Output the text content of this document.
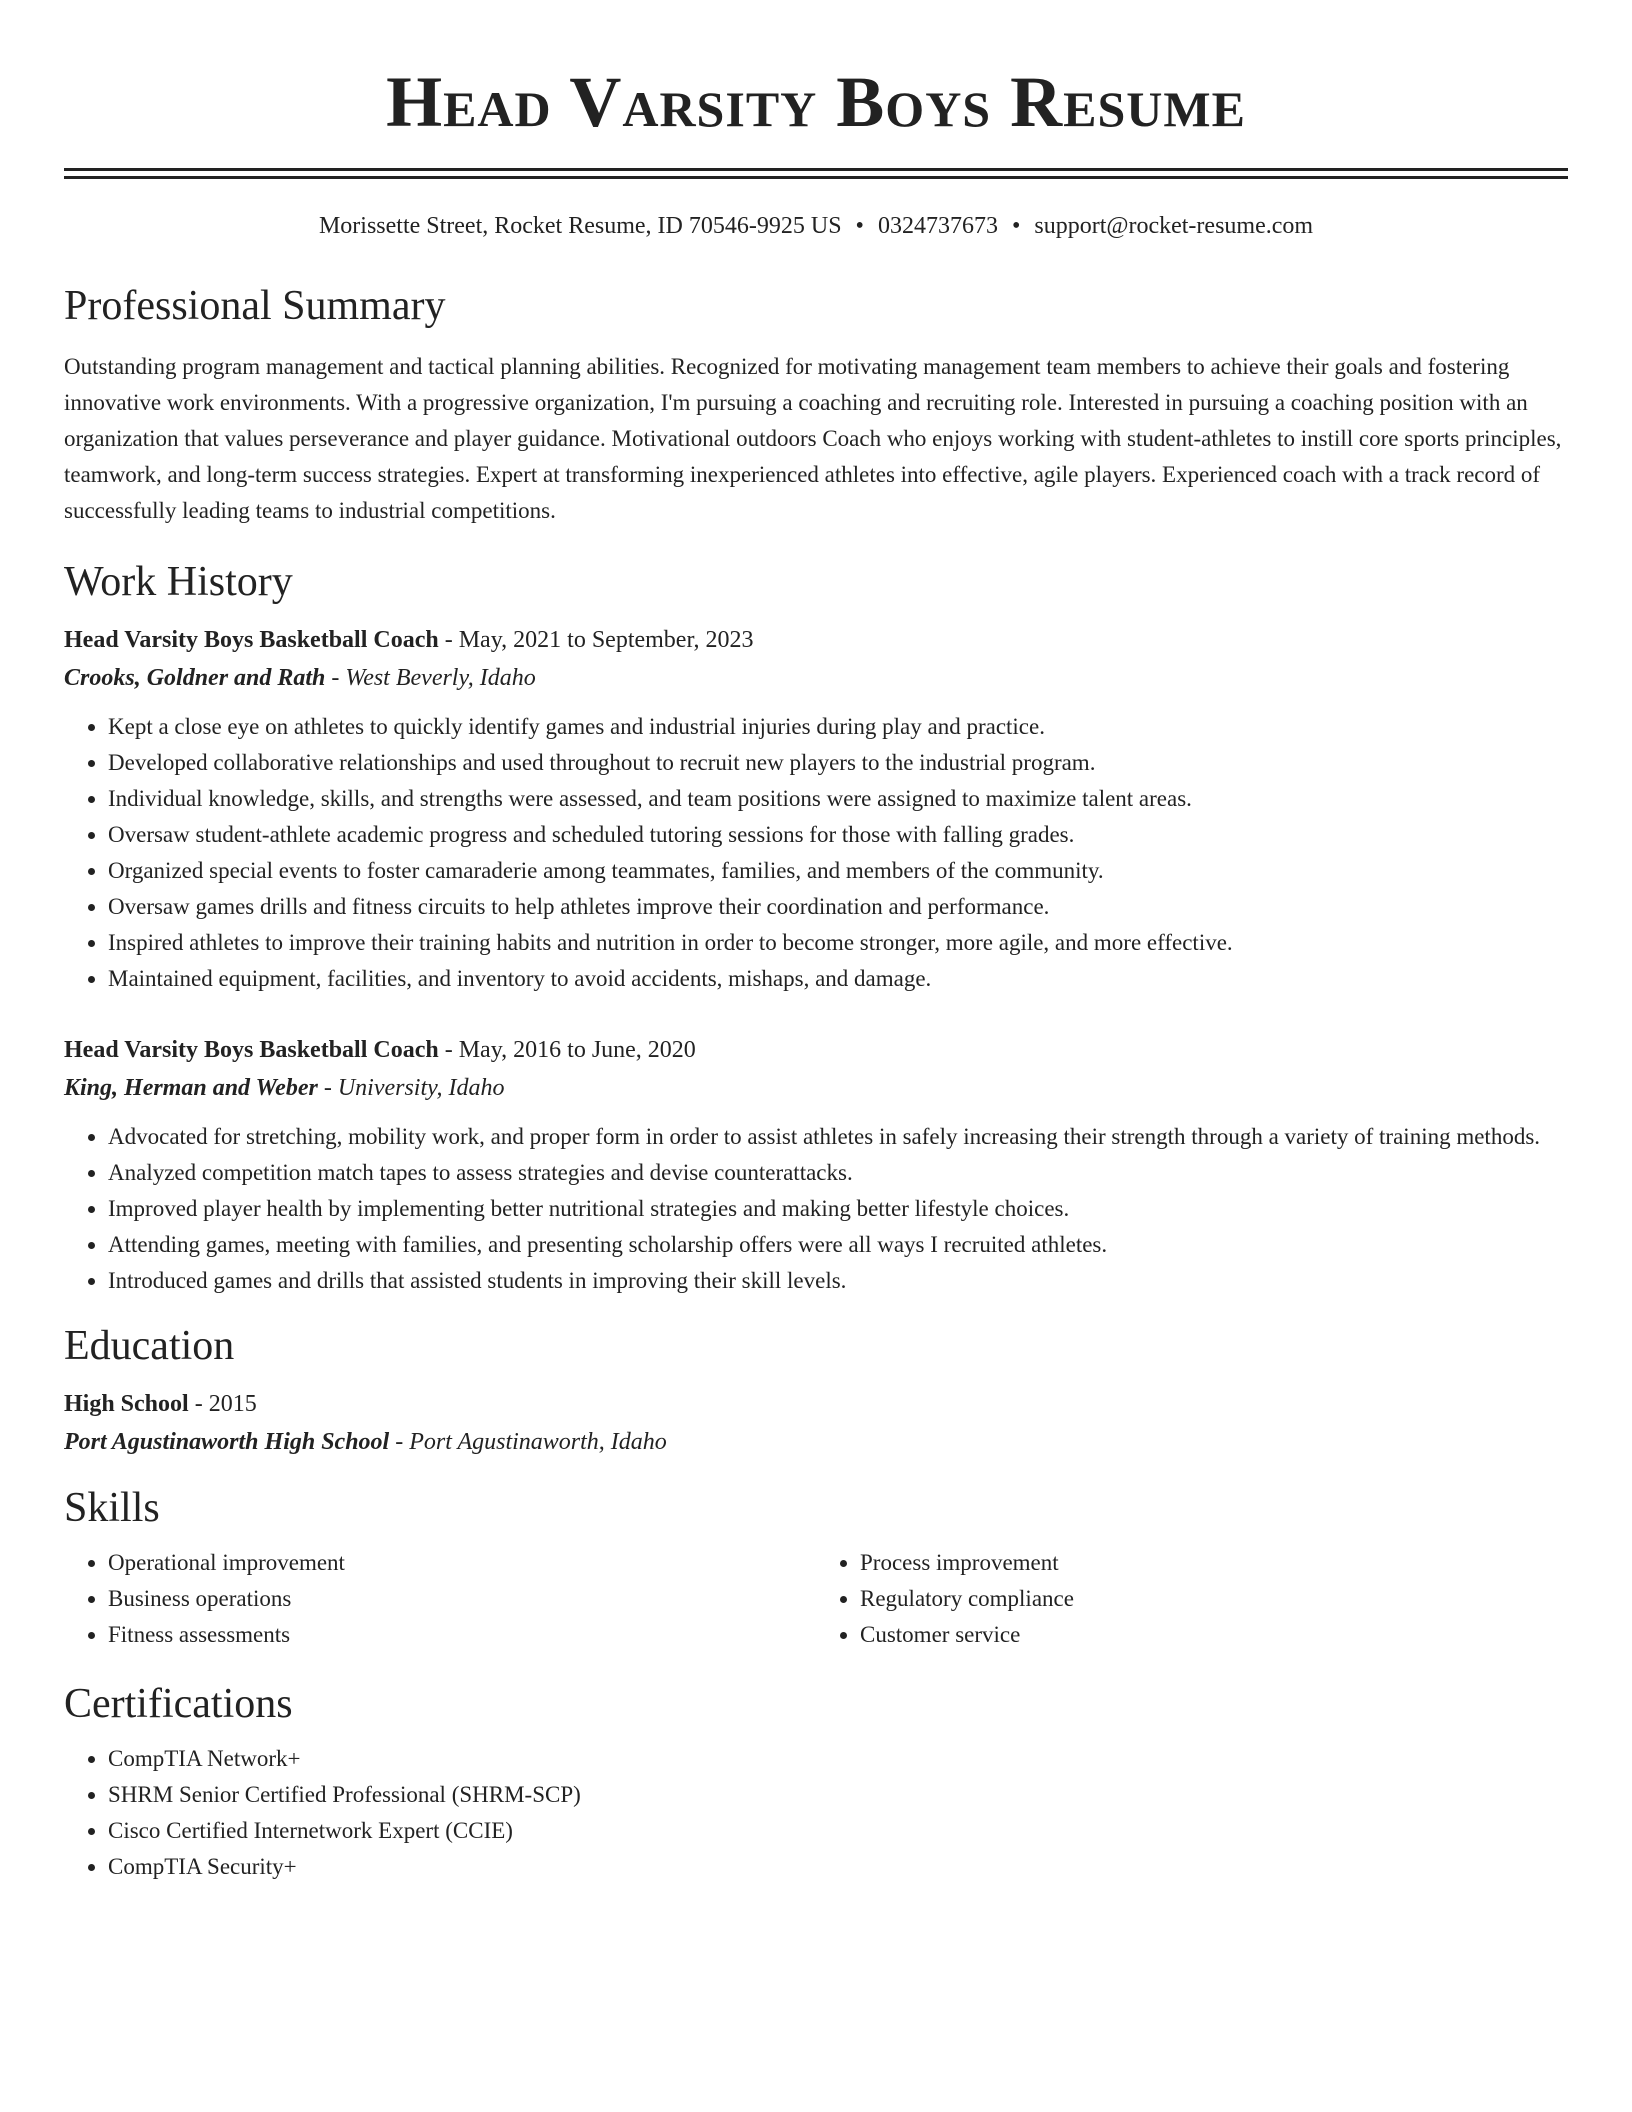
Head Varsity Boys Resume
Morissette Street, Rocket Resume, ID 70546-9925 US • 0324737673 • support@rocket-resume.com
Professional Summary

Outstanding program management and tactical planning abilities. Recognized for motivating management team members to achieve their goals and fostering innovative work environments. With a progressive organization, I'm pursuing a coaching and recruiting role. Interested in pursuing a coaching position with an organization that values perseverance and player guidance. Motivational outdoors Coach who enjoys working with student-athletes to instill core sports principles, teamwork, and long-term success strategies. Expert at transforming inexperienced athletes into effective, agile players. Experienced coach with a track record of successfully leading teams to industrial competitions.

Work History
Head Varsity Boys Basketball Coach - May, 2021 to September, 2023
Crooks, Goldner and Rath - West Beverly, Idaho
• Kept a close eye on athletes to quickly identify games and industrial injuries during play and practice.
• Developed collaborative relationships and used throughout to recruit new players to the industrial program.
• Individual knowledge, skills, and strengths were assessed, and team positions were assigned to maximize talent areas.
• Oversaw student-athlete academic progress and scheduled tutoring sessions for those with falling grades.
• Organized special events to foster camaraderie among teammates, families, and members of the community.
• Oversaw games drills and fitness circuits to help athletes improve their coordination and performance.
• Inspired athletes to improve their training habits and nutrition in order to become stronger, more agile, and more effective.
• Maintained equipment, facilities, and inventory to avoid accidents, mishaps, and damage.
Head Varsity Boys Basketball Coach - May, 2016 to June, 2020
King, Herman and Weber - University, Idaho
• Advocated for stretching, mobility work, and proper form in order to assist athletes in safely increasing their strength through a variety of training methods.
• Analyzed competition match tapes to assess strategies and devise counterattacks.
• Improved player health by implementing better nutritional strategies and making better lifestyle choices.
• Attending games, meeting with families, and presenting scholarship offers were all ways I recruited athletes.
• Introduced games and drills that assisted students in improving their skill levels.
Education
High School - 2015
Port Agustinaworth High School - Port Agustinaworth, Idaho
Skills
• Operational improvement
• Business operations
• Fitness assessments
• Process improvement
• Regulatory compliance
• Customer service
Certifications
• CompTIA Network+
• SHRM Senior Certified Professional (SHRM-SCP)
• Cisco Certified Internetwork Expert (CCIE)
• CompTIA Security+
